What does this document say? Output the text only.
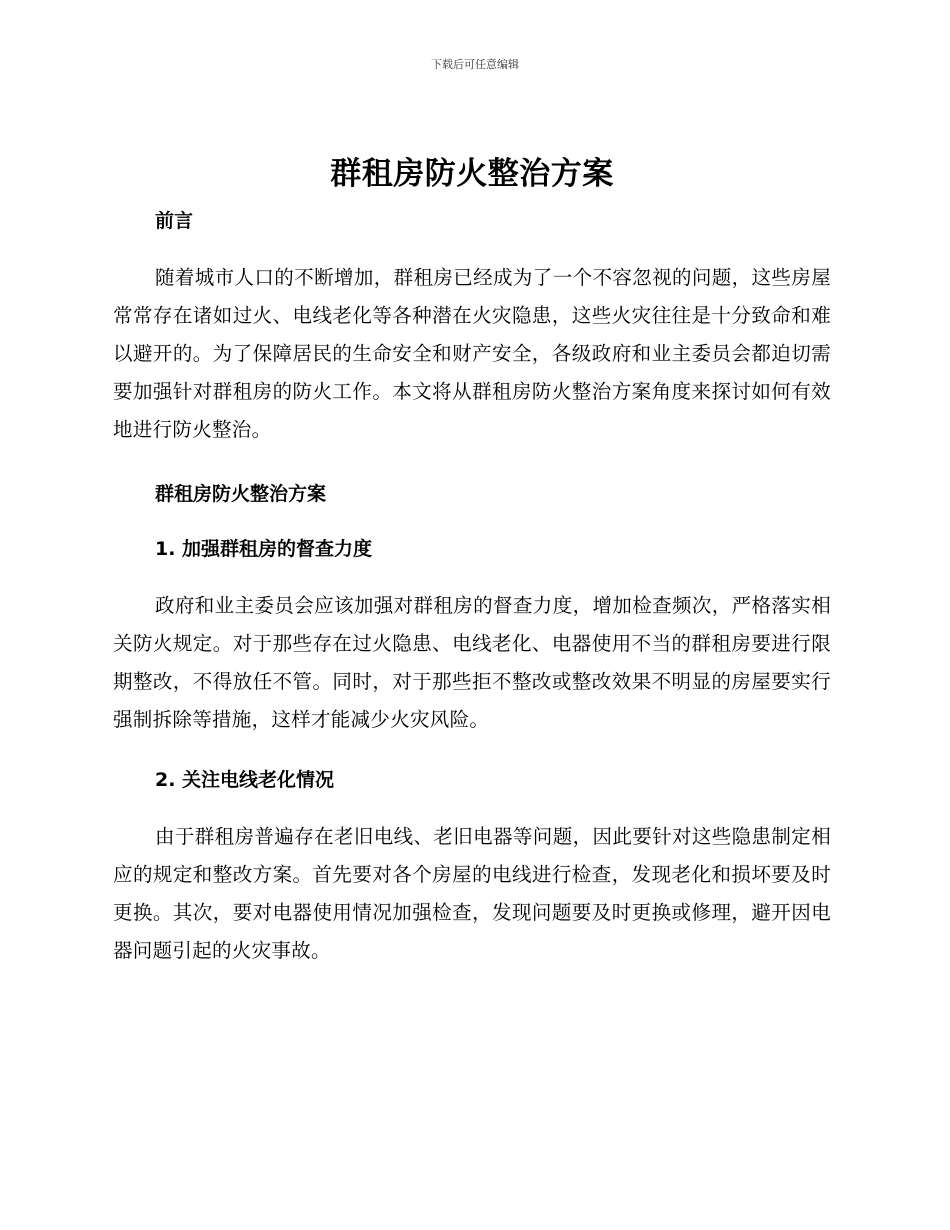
下载后可任意编辑
群租房防火整治方案
前言

随着城市人口的不断增加，群租房已经成为了一个不容忽视的问题，这些房屋常常存在诸如过火、电线老化等各种潜在火灾隐患，这些火灾往往是十分致命和难以避开的。为了保障居民的生命安全和财产安全，各级政府和业主委员会都迫切需要加强针对群租房的防火工作。本文将从群租房防火整治方案角度来探讨如何有效地进行防火整治。

群租房防火整治方案
1. 加强群租房的督查力度

政府和业主委员会应该加强对群租房的督查力度，增加检查频次，严格落实相关防火规定。对于那些存在过火隐患、电线老化、电器使用不当的群租房要进行限期整改，不得放任不管。同时，对于那些拒不整改或整改效果不明显的房屋要实行强制拆除等措施，这样才能减少火灾风险。

2. 关注电线老化情况

由于群租房普遍存在老旧电线、老旧电器等问题，因此要针对这些隐患制定相应的规定和整改方案。首先要对各个房屋的电线进行检查，发现老化和损坏要及时更换。其次，要对电器使用情况加强检查，发现问题要及时更换或修理，避开因电器问题引起的火灾事故。
